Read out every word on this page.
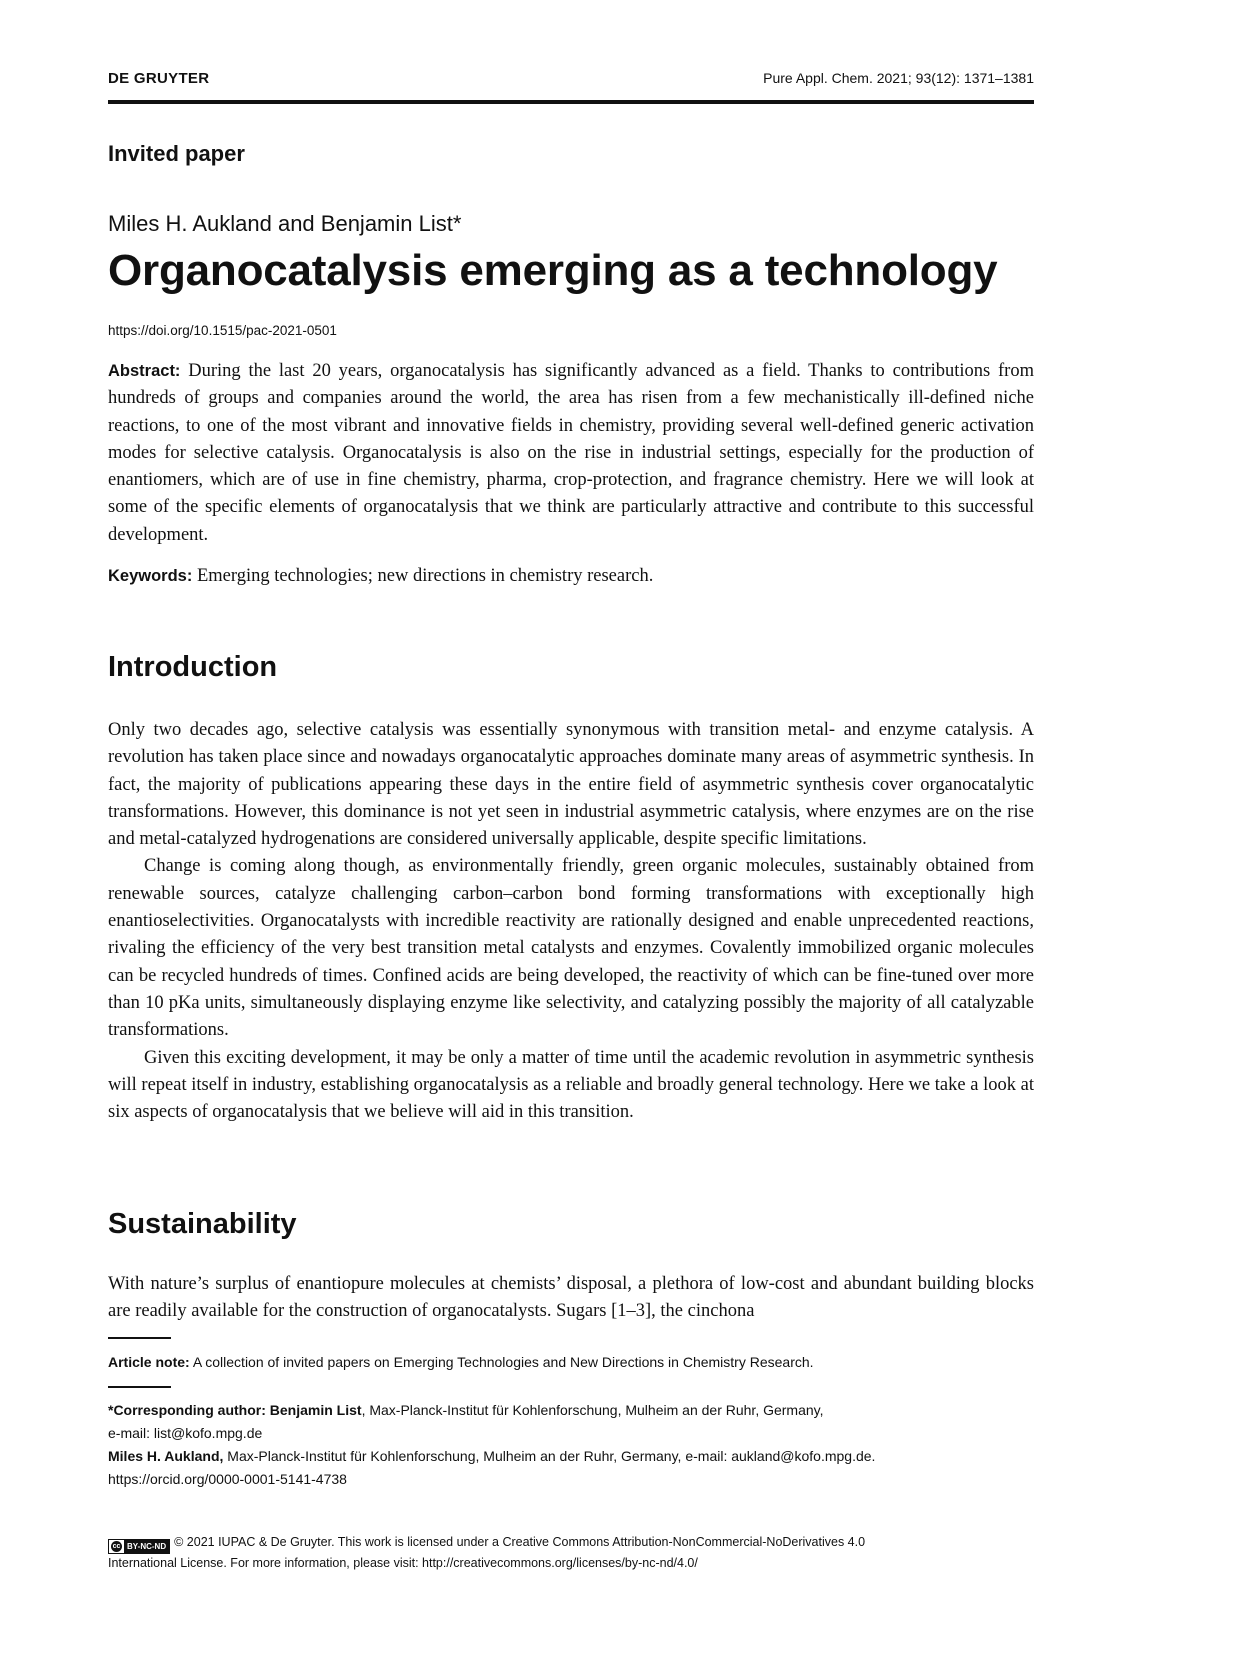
DE GRUYTER	Pure Appl. Chem. 2021; 93(12): 1371–1381
Invited paper
Miles H. Aukland and Benjamin List*
Organocatalysis emerging as a technology
https://doi.org/10.1515/pac-2021-0501

Abstract: During the last 20 years, organocatalysis has significantly advanced as a field. Thanks to contributions from hundreds of groups and companies around the world, the area has risen from a few mechanistically ill-defined niche reactions, to one of the most vibrant and innovative fields in chemistry, providing several well-defined generic activation modes for selective catalysis. Organocatalysis is also on the rise in industrial settings, especially for the production of enantiomers, which are of use in fine chemistry, pharma, crop-protection, and fragrance chemistry. Here we will look at some of the specific elements of organocatalysis that we think are particularly attractive and contribute to this successful development.

Keywords: Emerging technologies; new directions in chemistry research.

Introduction

Only two decades ago, selective catalysis was essentially synonymous with transition metal- and enzyme catalysis. A revolution has taken place since and nowadays organocatalytic approaches dominate many areas of asymmetric synthesis. In fact, the majority of publications appearing these days in the entire field of asymmetric synthesis cover organocatalytic transformations. However, this dominance is not yet seen in industrial asymmetric catalysis, where enzymes are on the rise and metal-catalyzed hydrogenations are considered universally applicable, despite specific limitations.

Change is coming along though, as environmentally friendly, green organic molecules, sustainably obtained from renewable sources, catalyze challenging carbon–carbon bond forming transformations with exceptionally high enantioselectivities. Organocatalysts with incredible reactivity are rationally designed and enable unprecedented reactions, rivaling the efficiency of the very best transition metal catalysts and enzymes. Covalently immobilized organic molecules can be recycled hundreds of times. Confined acids are being developed, the reactivity of which can be fine-tuned over more than 10 pKa units, simultaneously displaying enzyme like selectivity, and catalyzing possibly the majority of all catalyzable transformations.

Given this exciting development, it may be only a matter of time until the academic revolution in asymmetric synthesis will repeat itself in industry, establishing organocatalysis as a reliable and broadly general technology. Here we take a look at six aspects of organocatalysis that we believe will aid in this transition.

Sustainability

With nature’s surplus of enantiopure molecules at chemists’ disposal, a plethora of low-cost and abundant building blocks are readily available for the construction of organocatalysts. Sugars [1–3], the cinchona

Article note: A collection of invited papers on Emerging Technologies and New Directions in Chemistry Research.
*Corresponding author: Benjamin List, Max-Planck-Institut für Kohlenforschung, Mulheim an der Ruhr, Germany,
e-mail: list@kofo.mpg.de
Miles H. Aukland, Max-Planck-Institut für Kohlenforschung, Mulheim an der Ruhr, Germany, e-mail: aukland@kofo.mpg.de.
https://orcid.org/0000-0001-5141-4738
cc BY-NC-ND © 2021 IUPAC & De Gruyter. This work is licensed under a Creative Commons Attribution-NonCommercial-NoDerivatives 4.0
International License. For more information, please visit: http://creativecommons.org/licenses/by-nc-nd/4.0/
